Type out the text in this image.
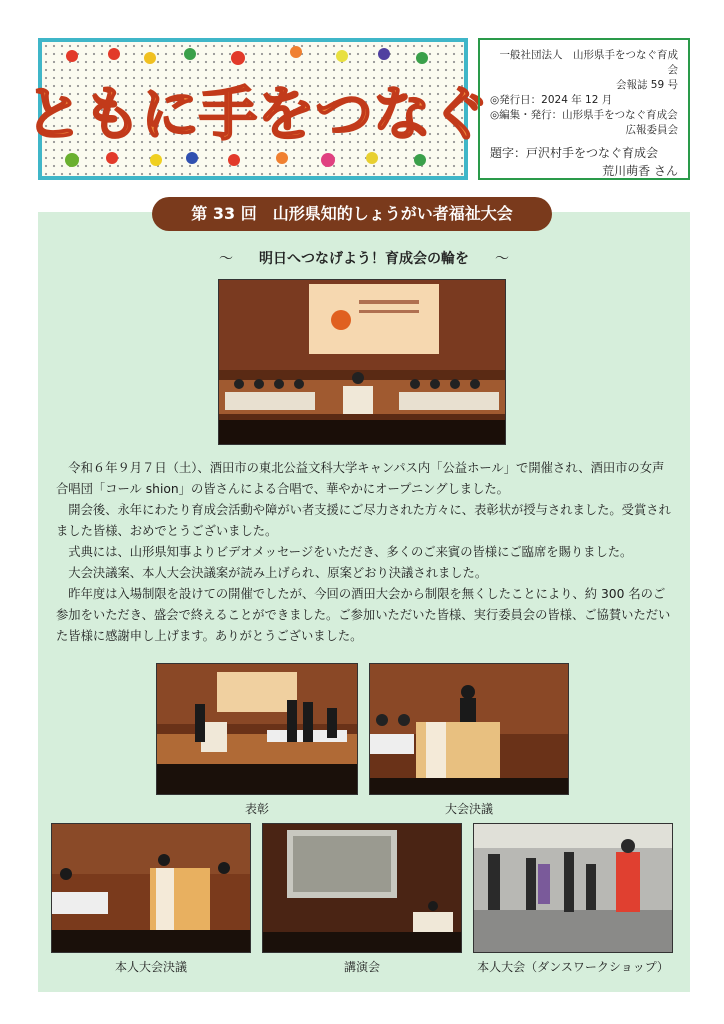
ともに手をつなぐ
一般社団法人　山形県手をつなぐ育成会
会報誌 59 号
◎発行日：2024 年 12 月
◎編集・発行：山形県手をつなぐ育成会
広報委員会
題字：戸沢村手をつなぐ育成会
荒川萌香 さん
第 33 回　山形県知的しょうがい者福祉大会
〜 明日へつなげよう！育成会の輪を 〜

令和６年９月７日（土）、酒田市の東北公益文科大学キャンパス内「公益ホール」で開催され、酒田市の女声合唱団「コール shion」の皆さんによる合唱で、華やかにオープニングしました。

開会後、永年にわたり育成会活動や障がい者支援にご尽力された方々に、表彰状が授与されました。受賞されました皆様、おめでとうございました。

式典には、山形県知事よりビデオメッセージをいただき、多くのご来賓の皆様にご臨席を賜りました。

大会決議案、本人大会決議案が読み上げられ、原案どおり決議されました。

昨年度は入場制限を設けての開催でしたが、今回の酒田大会から制限を無くしたことにより、約 300 名のご参加をいただき、盛会で終えることができました。ご参加いただいた皆様、実行委員会の皆様、ご協賛いただいた皆様に感謝申し上げます。ありがとうございました。

表彰	大会決議
本人大会決議	講演会	本人大会（ダンスワークショップ）
